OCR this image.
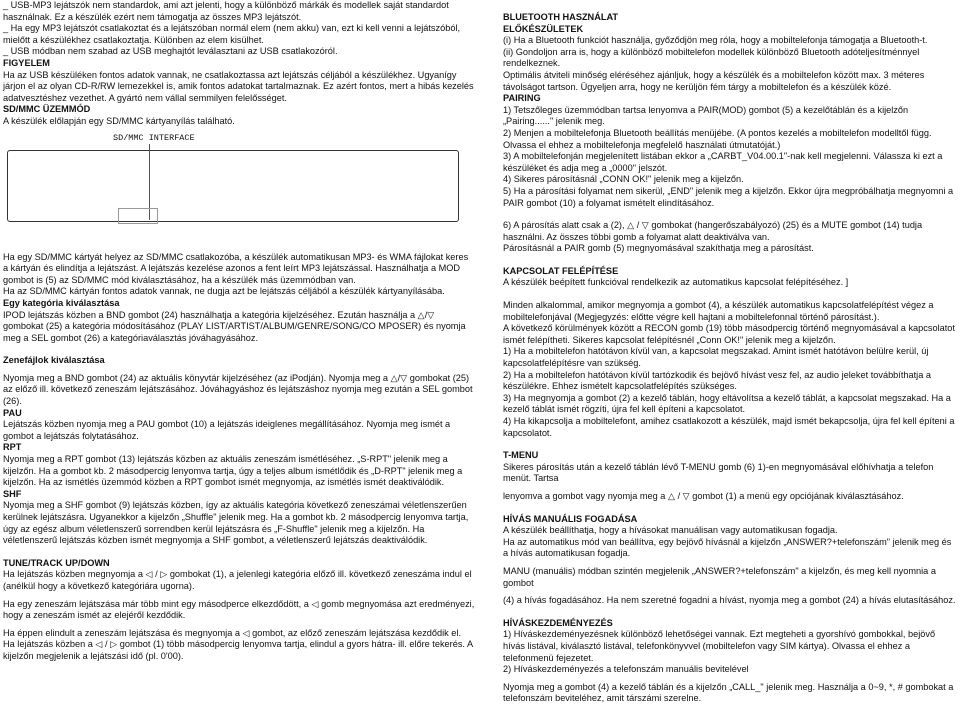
_ USB-MP3 lejátszók nem standardok, ami azt jelenti, hogy a különböző márkák és modellek saját standardot használnak. Ez a készülék ezért nem támogatja az összes MP3 lejátszót.

_ Ha egy MP3 lejátszót csatlakoztat és a lejátszóban normál elem (nem akku) van, ezt ki kell venni a lejátszóból, mielőtt a készülékhez csatlakoztatja. Különben az elem kisülhet.

_ USB módban nem szabad az USB meghajtót leválasztani az USB csatlakozóról.

FIGYELEM

Ha az USB készüléken fontos adatok vannak, ne csatlakoztassa azt lejátszás céljából a készülékhez. Ugyanígy járjon el az olyan CD-R/RW lemezekkel is, amik fontos adatokat tartalmaznak. Ez azért fontos, mert a hibás kezelés adatvesztéshez vezethet. A gyártó nem vállal semmilyen felelősséget.

SD/MMC ÜZEMMÓD

A készülék előlapján egy SD/MMC kártyanyílás található.

SD/MMC INTERFACE

Ha egy SD/MMC kártyát helyez az SD/MMC csatlakozóba, a készülék automatikusan MP3- és WMA fájlokat keres a kártyán és elindítja a lejátszást. A lejátszás kezelése azonos a fent leírt MP3 lejátszással. Használhatja a MOD gombot is (5) az SD/MMC mód kiválasztásához, ha a készülék más üzemmódban van.

Ha az SD/MMC kártyán fontos adatok vannak, ne dugja azt be lejátszás céljából a készülék kártyanyílásába.

Egy kategória kiválasztása

IPOD lejátszás közben a BND gombot (24) használhatja a kategória kijelzéséhez. Ezután használja a △/▽ gombokat (25) a kategória módosításához (PLAY LIST/ARTIST/ALBUM/GENRE/SONG/CO MPOSER) és nyomja meg a SEL gombot (26) a kategóriaválasztás jóváhagyásához.

Zenefájlok kiválasztása

Nyomja meg a BND gombot (24) az aktuális könyvtár kijelzéséhez (az iPodján). Nyomja meg a △/▽ gombokat (25) az előző ill. következő zeneszám lejátszásához. Jóváhagyáshoz és lejátszáshoz nyomja meg ezután a SEL gombot (26).

PAU

Lejátszás közben nyomja meg a PAU gombot (10) a lejátszás ideiglenes megállításához. Nyomja meg ismét a gombot a lejátszás folytatásához.

RPT

Nyomja meg a RPT gombot (13) lejátszás közben az aktuális zeneszám ismétléséhez. „S-RPT" jelenik meg a kijelzőn. Ha a gombot kb. 2 másodpercig lenyomva tartja, úgy a teljes album ismétlődik és „D-RPT" jelenik meg a kijelzőn. Ha az ismétlés üzemmód közben a RPT gombot ismét megnyomja, az ismétlés ismét deaktiválódik.

SHF

Nyomja meg a SHF gombot (9) lejátszás közben, így az aktuális kategória következő zeneszámai véletlenszerűen kerülnek lejátszásra. Ugyanekkor a kijelzőn „Shuffle" jelenik meg. Ha a gombot kb. 2 másodpercig lenyomva tartja, úgy az egész album véletlenszerű sorrendben kerül lejátszásra és „F-Shuffle" jelenik meg a kijelzőn. Ha véletlenszerű lejátszás közben ismét megnyomja a SHF gombot, a véletlenszerű lejátszás deaktiválódik.

TUNE/TRACK UP/DOWN

Ha lejátszás közben megnyomja a ◁ / ▷ gombokat (1), a jelenlegi kategória előző ill. következő zeneszáma indul el (anélkül hogy a következő kategóriára ugorna).

Ha egy zeneszám lejátszása már több mint egy másodperce elkezdődött, a ◁ gomb megnyomása azt eredményezi, hogy a zeneszám ismét az elejéről kezdődik.

Ha éppen elindult a zeneszám lejátszása és megnyomja a ◁ gombot, az előző zeneszám lejátszása kezdődik el.

Ha lejátszás közben a ◁ / ▷ gombot (1) több másodpercig lenyomva tartja, elindul a gyors hátra- ill. előre tekerés. A kijelzőn megjelenik a lejátszási idő (pl. 0'00).

BLUETOOTH HASZNÁLAT

ELŐKÉSZÜLETEK

(i) Ha a Bluetooth funkciót használja, győződjön meg róla, hogy a mobiltelefonja támogatja a Bluetooth-t.

(ii) Gondoljon arra is, hogy a különböző mobiltelefon modellek különböző Bluetooth adóteljesítménnyel rendelkeznek.

Optimális átviteli minőség eléréséhez ajánljuk, hogy a készülék és a mobiltelefon között max. 3 méteres távolságot tartson. Ügyeljen arra, hogy ne kerüljön fém tárgy a mobiltelefon és a készülék közé.

PAIRING

1) Tetszőleges üzemmódban tartsa lenyomva a PAIR(MOD) gombot (5) a kezelőtáblán és a kijelzőn „Pairing......" jelenik meg.

2) Menjen a mobiltelefonja Bluetooth beállítás menüjébe. (A pontos kezelés a mobiltelefon modelltől függ. Olvassa el ehhez a mobiltelefonja megfelelő használati útmutatóját.)

3) A mobiltelefonján megjelenített listában ekkor a „CARBT_V04.00.1"-nak kell megjelenni. Válassza ki ezt a készüléket és adja meg a „0000" jelszót.

4) Sikeres párosításnál „CONN OK!" jelenik meg a kijelzőn.

5) Ha a párosítási folyamat nem sikerül, „END" jelenik meg a kijelzőn. Ekkor újra megpróbálhatja megnyomni a PAIR gombot (10) a folyamat ismételt elindításához.

6) A párosítás alatt csak a (2), △ / ▽ gombokat (hangerőszabályozó) (25) és a MUTE gombot (14) tudja használni. Az összes többi gomb a folyamat alatt deaktiválva van.

Párosításnál a PAIR gomb (5) megnyomásával szakíthatja meg a párosítást.

KAPCSOLAT FELÉPÍTÉSE

A készülék beépített funkcióval rendelkezik az automatikus kapcsolat felépítéséhez. ]

Minden alkalommal, amikor megnyomja a gombot (4), a készülék automatikus kapcsolatfelépítést végez a mobiltelefonjával (Megjegyzés: előtte végre kell hajtani a mobiltelefonnal történő párosítást.).

A következő körülmények között a RECON gomb (19) több másodpercig történő megnyomásával a kapcsolatot ismét felépítheti. Sikeres kapcsolat felépítésnél „Conn OK!" jelenik meg a kijelzőn.

1) Ha a mobiltelefon hatótávon kívül van, a kapcsolat megszakad. Amint ismét hatótávon belülre kerül, új kapcsolatfelépítésre van szükség.

2) Ha a mobiltelefon hatótávon kívül tartózkodik és bejövő hívást vesz fel, az audio jeleket továbbíthatja a készülékre. Ehhez ismételt kapcsolatfelépítés szükséges.

3) Ha megnyomja a gombot (2) a kezelő táblán, hogy eltávolítsa a kezelő táblát, a kapcsolat megszakad. Ha a kezelő táblát ismét rögzíti, újra fel kell építeni a kapcsolatot.

4) Ha kikapcsolja a mobiltelefont, amihez csatlakozott a készülék, majd ismét bekapcsolja, újra fel kell építeni a kapcsolatot.

T-MENU

Sikeres párosítás után a kezelő táblán lévő T-MENU gomb (6) 1)-en megnyomásával előhívhatja a telefon menüt. Tartsa

lenyomva a gombot vagy nyomja meg a △ / ▽ gombot (1) a menü egy opciójának kiválasztásához.

HÍVÁS MANUÁLIS FOGADÁSA

A készülék beállíthatja, hogy a hívásokat manuálisan vagy automatikusan fogadja.

Ha az automatikus mód van beállítva, egy bejövő hívásnál a kijelzőn „ANSWER?+telefonszám" jelenik meg és a hívás automatikusan fogadja.

MANU (manuális) módban szintén megjelenik „ANSWER?+telefonszám" a kijelzőn, és meg kell nyomnia a gombot

(4) a hívás fogadásához. Ha nem szeretné fogadni a hívást, nyomja meg a gombot (24) a hívás elutasításához.

HÍVÁSKEZDEMÉNYEZÉS

1) Híváskezdeményezésnek különböző lehetőségei vannak. Ezt megteheti a gyorshívó gombokkal, bejövő hívás listával, kiválasztó listával, telefonkönyvvel (mobiltelefon vagy SIM kártya). Olvassa el ehhez a telefonmenü fejezetet.

2) Híváskezdeményezés a telefonszám manuális bevitelével

Nyomja meg a gombot (4) a kezelő táblán és a kijelzőn „CALL_" jelenik meg. Használja a 0~9, *, # gombokat a telefonszám beviteléhez, amit társzámi szerelne.
